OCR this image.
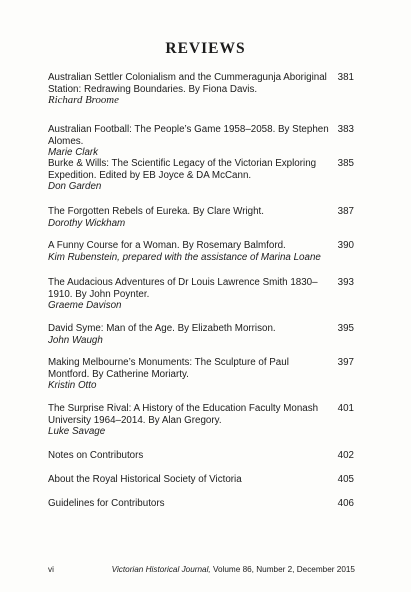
REVIEWS
Australian Settler Colonialism and the Cummeragunja Aboriginal Station: Redrawing Boundaries. By Fiona Davis.
Richard Broome
381
Australian Football: The People’s Game 1958–2058. By Stephen Alomes.
Marie Clark
383
Burke & Wills: The Scientific Legacy of the Victorian Exploring Expedition. Edited by EB Joyce & DA McCann.
Don Garden
385
The Forgotten Rebels of Eureka. By Clare Wright.
Dorothy Wickham
387
A Funny Course for a Woman. By Rosemary Balmford.
Kim Rubenstein, prepared with the assistance of Marina Loane
390
The Audacious Adventures of Dr Louis Lawrence Smith 1830–1910. By John Poynter.
Graeme Davison
393
David Syme: Man of the Age. By Elizabeth Morrison.
John Waugh
395
Making Melbourne’s Monuments: The Sculpture of Paul Montford. By Catherine Moriarty.
Kristin Otto
397
The Surprise Rival: A History of the Education Faculty Monash University 1964–2014. By Alan Gregory.
Luke Savage
401
Notes on Contributors	402
About the Royal Historical Society of Victoria	405
Guidelines for Contributors	406
vi	Victorian Historical Journal, Volume 86, Number 2, December 2015
